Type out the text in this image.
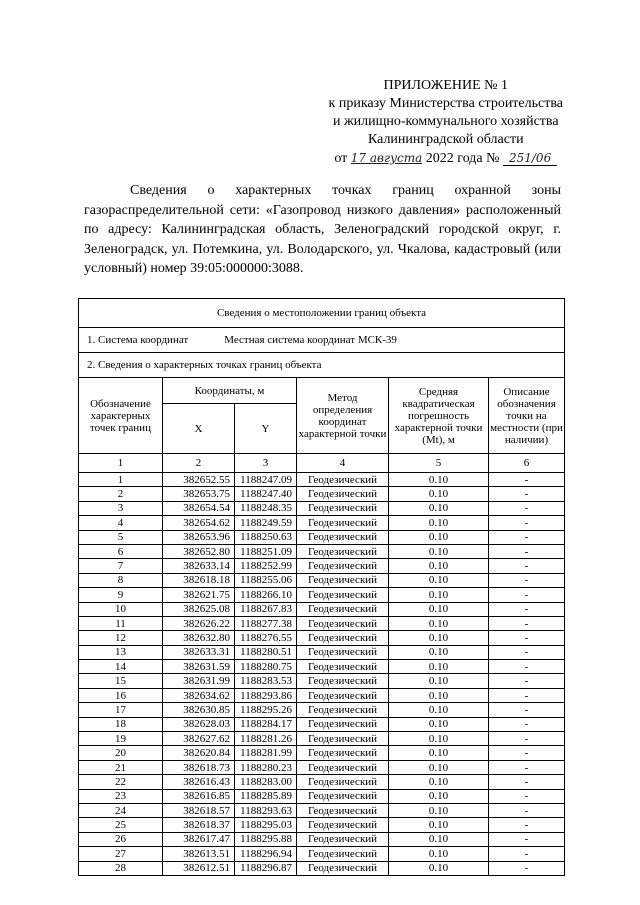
ПРИЛОЖЕНИЕ № 1
к приказу Министерства строительства
и жилищно-коммунального хозяйства
Калининградской области
от 17 августа 2022 года № 251/06

Сведения о характерных точках границ охранной зоны газораспределительной сети: «Газопровод низкого давления» расположенный по адресу: Калининградская область, Зеленоградский городской округ, г. Зеленоградск, ул. Потемкина, ул. Володарского, ул. Чкалова, кадастровый (или условный) номер 39:05:000000:3088.

Сведения о местоположении границ объекта					
1. Система координат Местная система координат МСК-39					
2. Сведения о характерных точках границ объекта					
Обозначение характерных точек границ	Координаты, м		Метод определения координат характерной точки	Средняя квадратическая погрешность характерной точки (Mt), м	Описание обозначения точки на местности (при наличии)
	X	Y			
1	2	3	4	5	6
1	382652.55	1188247.09	Геодезический	0.10	-
2	382653.75	1188247.40	Геодезический	0.10	-
3	382654.54	1188248.35	Геодезический	0.10	-
4	382654.62	1188249.59	Геодезический	0.10	-
5	382653.96	1188250.63	Геодезический	0.10	-
6	382652.80	1188251.09	Геодезический	0.10	-
7	382633.14	1188252.99	Геодезический	0.10	-
8	382618.18	1188255.06	Геодезический	0.10	-
9	382621.75	1188266.10	Геодезический	0.10	-
10	382625.08	1188267.83	Геодезический	0.10	-
11	382626.22	1188277.38	Геодезический	0.10	-
12	382632.80	1188276.55	Геодезический	0.10	-
13	382633.31	1188280.51	Геодезический	0.10	-
14	382631.59	1188280.75	Геодезический	0.10	-
15	382631.99	1188283.53	Геодезический	0.10	-
16	382634.62	1188293.86	Геодезический	0.10	-
17	382630.85	1188295.26	Геодезический	0.10	-
18	382628.03	1188284.17	Геодезический	0.10	-
19	382627.62	1188281.26	Геодезический	0.10	-
20	382620.84	1188281.99	Геодезический	0.10	-
21	382618.73	1188280.23	Геодезический	0.10	-
22	382616.43	1188283.00	Геодезический	0.10	-
23	382616.85	1188285.89	Геодезический	0.10	-
24	382618.57	1188293.63	Геодезический	0.10	-
25	382618.37	1188295.03	Геодезический	0.10	-
26	382617.47	1188295.88	Геодезический	0.10	-
27	382613.51	1188296.94	Геодезический	0.10	-
28	382612.51	1188296.87	Геодезический	0.10	-
